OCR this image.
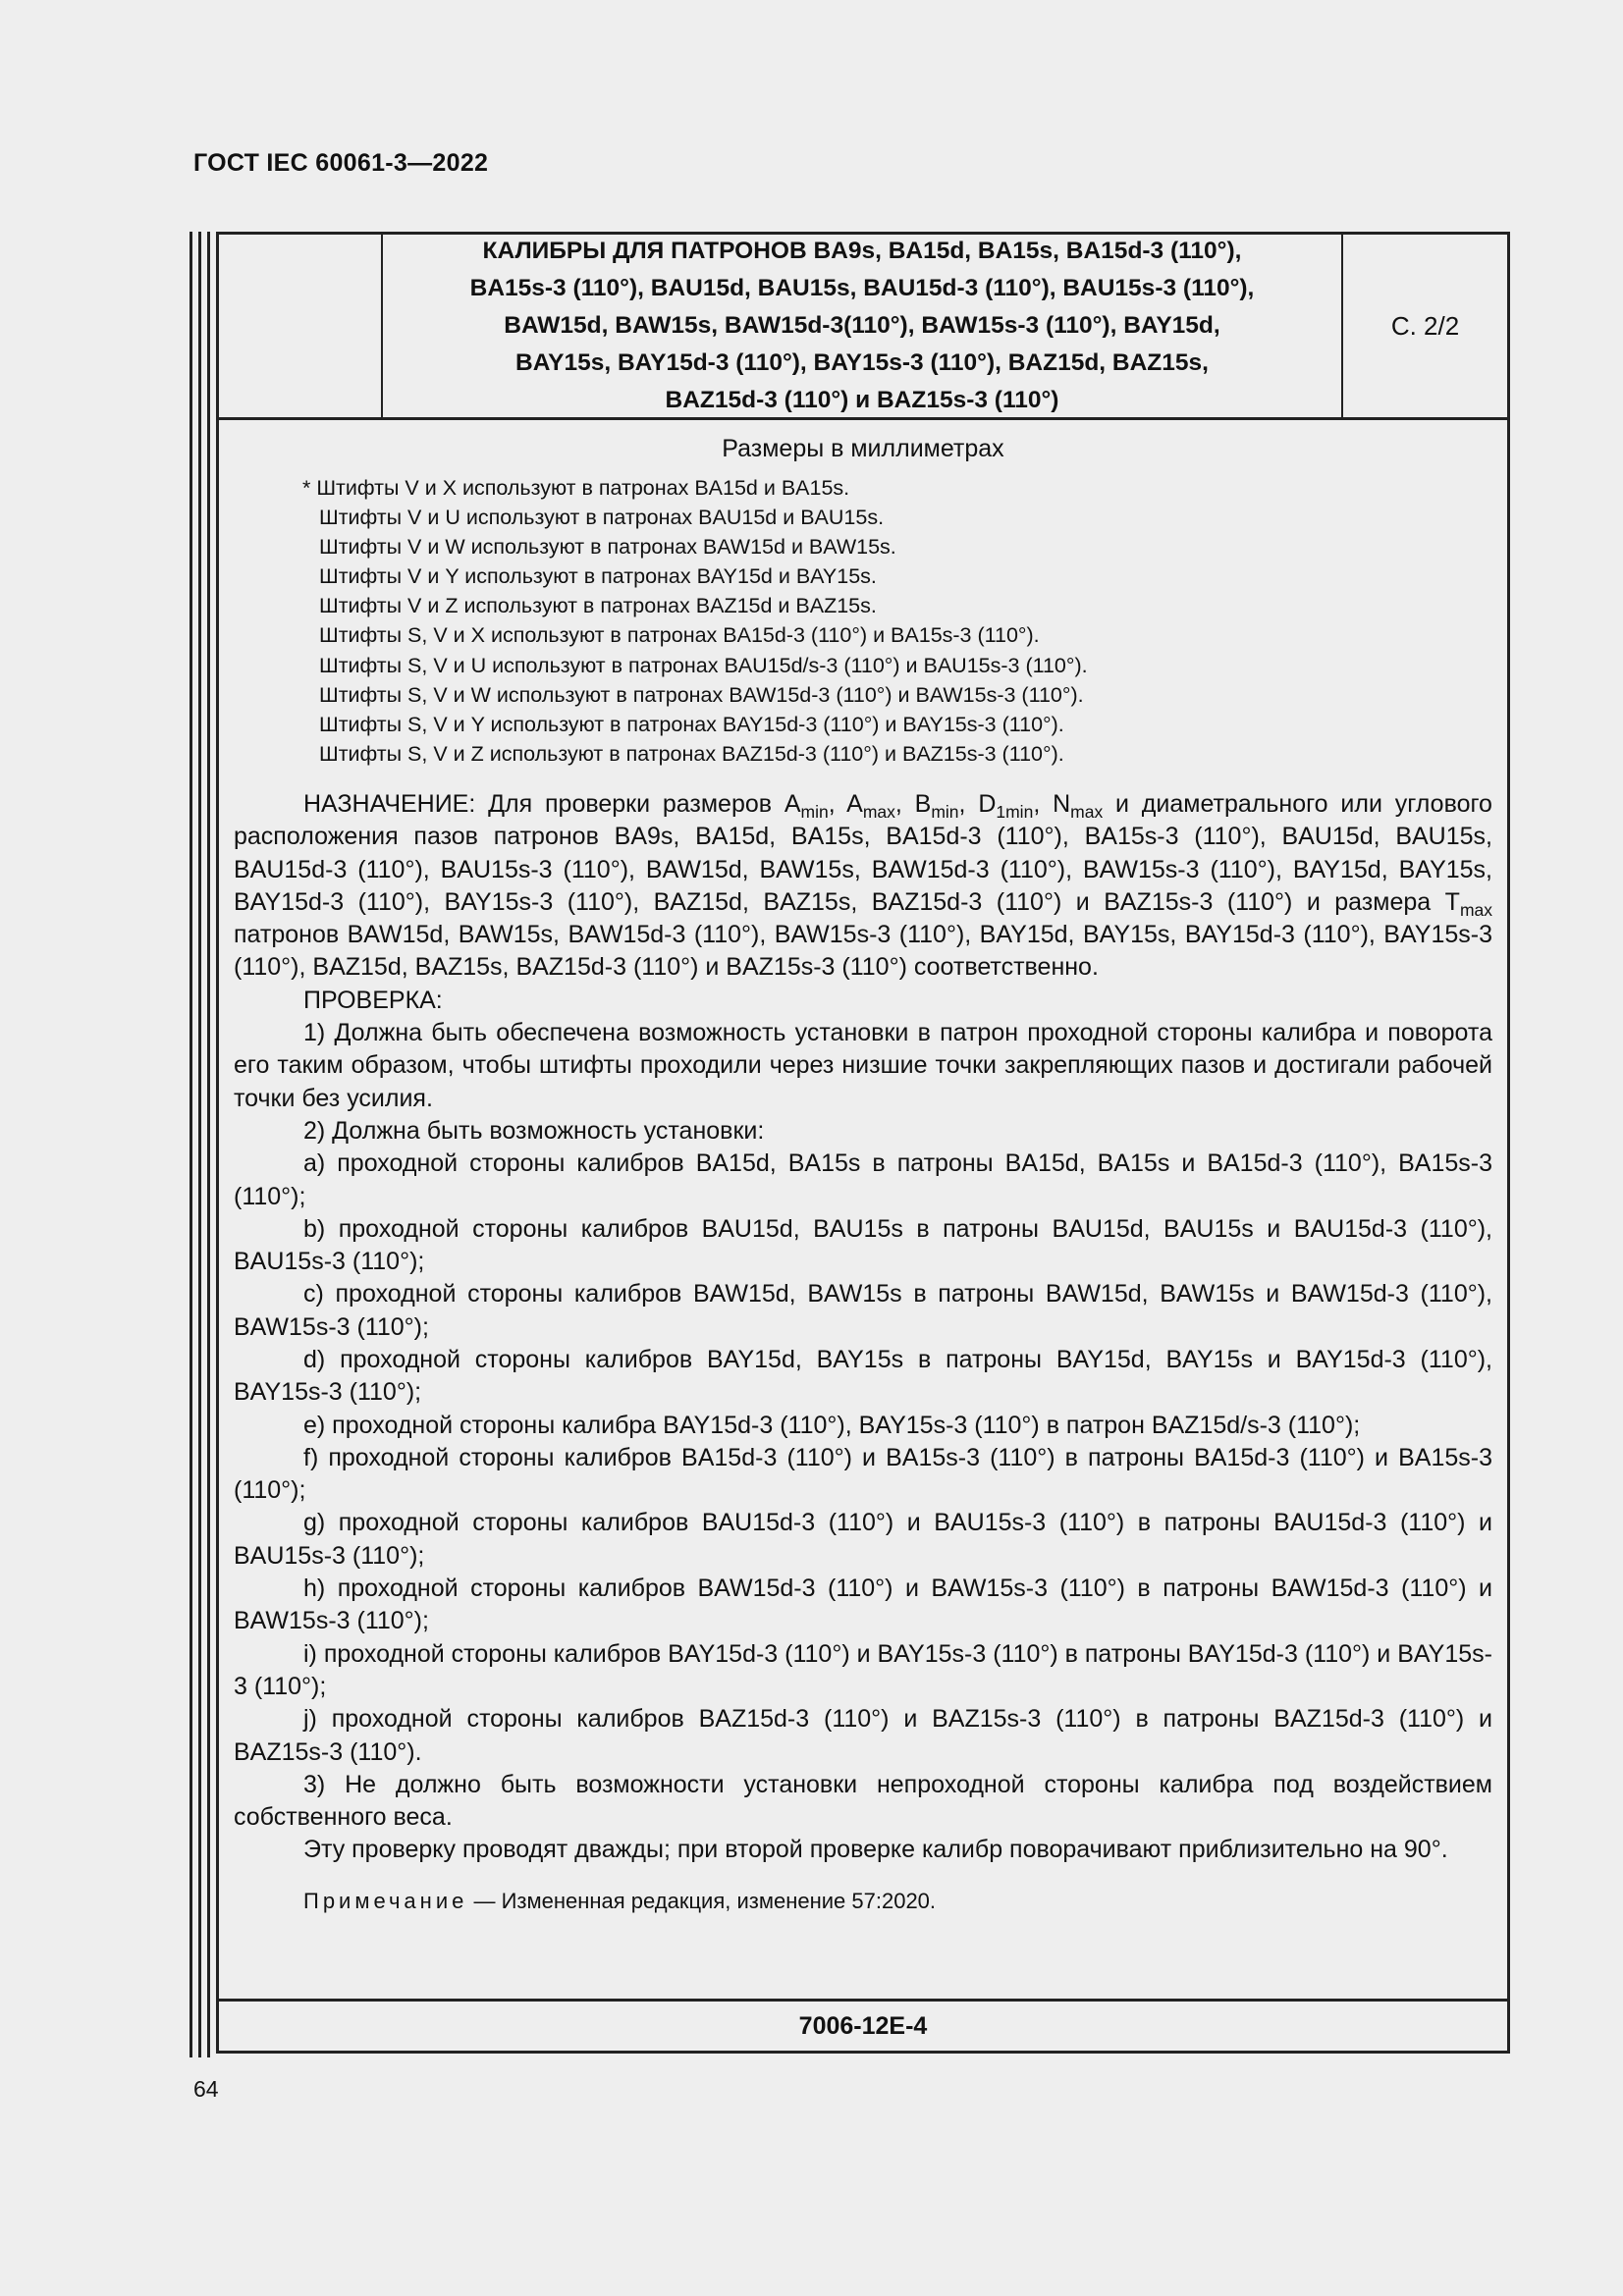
ГОСТ IEC 60061-3—2022
КАЛИБРЫ ДЛЯ ПАТРОНОВ BA9s, BA15d, BA15s, BA15d-3 (110°),
BA15s-3 (110°), BAU15d, BAU15s, BAU15d-3 (110°), BAU15s-3 (110°),
BAW15d, BAW15s, BAW15d-3(110°), BAW15s-3 (110°), BAY15d,
BAY15s, BAY15d-3 (110°), BAY15s-3 (110°), BAZ15d, BAZ15s,
BAZ15d-3 (110°) и BAZ15s-3 (110°)
С. 2/2
Размеры в миллиметрах
* Штифты V и X используют в патронах BA15d и BA15s.
Штифты V и U используют в патронах BAU15d и BAU15s.
Штифты V и W используют в патронах BAW15d и BAW15s.
Штифты V и Y используют в патронах BAY15d и BAY15s.
Штифты V и Z используют в патронах BAZ15d и BAZ15s.
Штифты S, V и X используют в патронах BA15d-3 (110°) и BA15s-3 (110°).
Штифты S, V и U используют в патронах BAU15d/s-3 (110°) и BAU15s-3 (110°).
Штифты S, V и W используют в патронах BAW15d-3 (110°) и BAW15s-3 (110°).
Штифты S, V и Y используют в патронах BAY15d-3 (110°) и BAY15s-3 (110°).
Штифты S, V и Z используют в патронах BAZ15d-3 (110°) и BAZ15s-3 (110°).

НАЗНАЧЕНИЕ: Для проверки размеров $A_{min}$, $A_{max}$, $B_{min}$, $D_{1min}$, $N_{max}$ и диаметрального или углового расположения пазов патронов BA9s, BA15d, BA15s, BA15d-3 (110°), BA15s-3 (110°), BAU15d, BAU15s, BAU15d-3 (110°), BAU15s-3 (110°), BAW15d, BAW15s, BAW15d-3 (110°), BAW15s-3 (110°), BAY15d, BAY15s, BAY15d-3 (110°), BAY15s-3 (110°), BAZ15d, BAZ15s, BAZ15d-3 (110°) и BAZ15s-3 (110°) и размера $T_{max}$ патронов BAW15d, BAW15s, BAW15d-3 (110°), BAW15s-3 (110°), BAY15d, BAY15s, BAY15d-3 (110°), BAY15s-3 (110°), BAZ15d, BAZ15s, BAZ15d-3 (110°) и BAZ15s-3 (110°) соответственно.

ПРОВЕРКА:

1) Должна быть обеспечена возможность установки в патрон проходной стороны калибра и поворота его таким образом, чтобы штифты проходили через низшие точки закрепляющих пазов и достигали рабочей точки без усилия.

2) Должна быть возможность установки:

a) проходной стороны калибров BA15d, BA15s в патроны BA15d, BA15s и BA15d-3 (110°), BA15s-3 (110°);

b) проходной стороны калибров BAU15d, BAU15s в патроны BAU15d, BAU15s и BAU15d-3 (110°), BAU15s-3 (110°);

c) проходной стороны калибров BAW15d, BAW15s в патроны BAW15d, BAW15s и BAW15d-3 (110°), BAW15s-3 (110°);

d) проходной стороны калибров BAY15d, BAY15s в патроны BAY15d, BAY15s и BAY15d-3 (110°), BAY15s-3 (110°);

e) проходной стороны калибра BAY15d-3 (110°), BAY15s-3 (110°) в патрон BAZ15d/s-3 (110°);

f) проходной стороны калибров BA15d-3 (110°) и BA15s-3 (110°) в патроны BA15d-3 (110°) и BA15s-3 (110°);

g) проходной стороны калибров BAU15d-3 (110°) и BAU15s-3 (110°) в патроны BAU15d-3 (110°) и BAU15s-3 (110°);

h) проходной стороны калибров BAW15d-3 (110°) и BAW15s-3 (110°) в патроны BAW15d-3 (110°) и BAW15s-3 (110°);

i) проходной стороны калибров BAY15d-3 (110°) и BAY15s-3 (110°) в патроны BAY15d-3 (110°) и BAY15s-3 (110°);

j) проходной стороны калибров BAZ15d-3 (110°) и BAZ15s-3 (110°) в патроны BAZ15d-3 (110°) и BAZ15s-3 (110°).

3) Не должно быть возможности установки непроходной стороны калибра под воздействием собственного веса.

Эту проверку проводят дважды; при второй проверке калибр поворачивают приблизительно на 90°.

Примечание — Измененная редакция, изменение 57:2020.
7006-12E-4
64
